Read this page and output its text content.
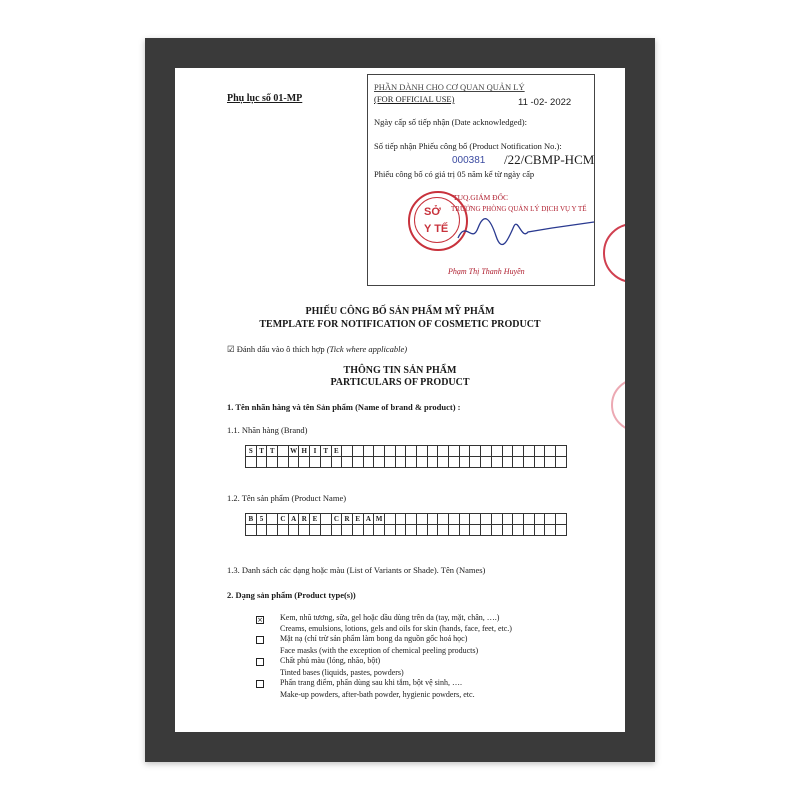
Phụ lục số 01-MP
PHẦN DÀNH CHO CƠ QUAN QUẢN LÝ
(FOR OFFICIAL USE)	11 -02- 2022
Ngày cấp số tiếp nhận (Date acknowledged):
Số tiếp nhận Phiếu công bố (Product Notification No.):
000381 /22/CBMP-HCM
Phiếu công bố có giá trị 05 năm kể từ ngày cấp
TUQ.GIÁM ĐỐC
TRƯỞNG PHÒNG QUẢN LÝ DỊCH VỤ Y TẾ
SỞ
Y TẾ
Phạm Thị Thanh Huyền
PHIẾU CÔNG BỐ SẢN PHẨM MỸ PHẨM
TEMPLATE FOR NOTIFICATION OF COSMETIC PRODUCT
☑ Đánh dấu vào ô thích hợp (Tick where applicable)
THÔNG TIN SẢN PHẨM
PARTICULARS OF PRODUCT
1. Tên nhãn hàng và tên Sản phẩm (Name of brand & product) :
1.1. Nhãn hàng (Brand)
S	T	T		W	H	I	T	E																					

1.2. Tên sản phẩm (Product Name)
B	5		C	A	R	E		C	R	E	A	M																	

1.3. Danh sách các dạng hoặc màu (List of Variants or Shade). Tên (Names)
2. Dạng sản phẩm (Product type(s))
× Kem, nhũ tương, sữa, gel hoặc dầu dùng trên da (tay, mặt, chân, ….)
Creams, emulsions, lotions, gels and oils for skin (hands, face, feet, etc.)
Mặt nạ (chỉ trừ sản phẩm làm bong da nguồn gốc hoá học)
Face masks (with the exception of chemical peeling products)
Chất phủ màu (lỏng, nhão, bột)
Tinted bases (liquids, pastes, powders)
Phấn trang điểm, phấn dùng sau khi tắm, bột vệ sinh, ….
Make-up powders, after-bath powder, hygienic powders, etc.
